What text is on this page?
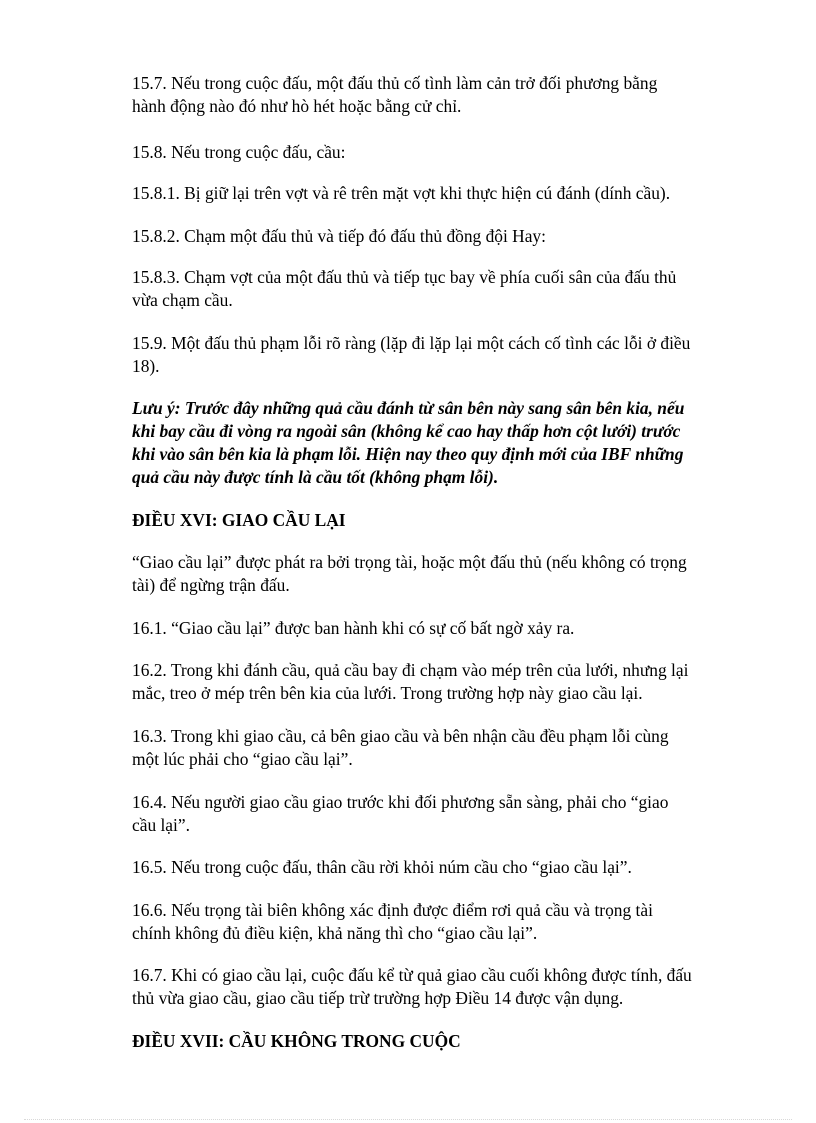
15.7. Nếu trong cuộc đấu, một đấu thủ cố tình làm cản trở đối phương bằng
hành động nào đó như hò hét hoặc bằng cử chỉ.

15.8. Nếu trong cuộc đấu, cầu:

15.8.1. Bị giữ lại trên vợt và rê trên mặt vợt khi thực hiện cú đánh (dính cầu).

15.8.2. Chạm một đấu thủ và tiếp đó đấu thủ đồng đội Hay:

15.8.3. Chạm vợt của một đấu thủ và tiếp tục bay về phía cuối sân của đấu thủ
vừa chạm cầu.

15.9. Một đấu thủ phạm lỗi rõ ràng (lặp đi lặp lại một cách cố tình các lỗi ở điều
18).

Lưu ý: Trước đây những quả cầu đánh từ sân bên này sang sân bên kia, nếu
khi bay cầu đi vòng ra ngoài sân (không kể cao hay thấp hơn cột lưới) trước
khi vào sân bên kia là phạm lỗi. Hiện nay theo quy định mới của IBF những
quả cầu này được tính là cầu tốt (không phạm lỗi).

ĐIỀU XVI: GIAO CẦU LẠI

“Giao cầu lại” được phát ra bởi trọng tài, hoặc một đấu thủ (nếu không có trọng
tài) để ngừng trận đấu.

16.1. “Giao cầu lại” được ban hành khi có sự cố bất ngờ xảy ra.

16.2. Trong khi đánh cầu, quả cầu bay đi chạm vào mép trên của lưới, nhưng lại
mắc, treo ở mép trên bên kia của lưới. Trong trường hợp này giao cầu lại.

16.3. Trong khi giao cầu, cả bên giao cầu và bên nhận cầu đều phạm lỗi cùng
một lúc phải cho “giao cầu lại”.

16.4. Nếu người giao cầu giao trước khi đối phương sẵn sàng, phải cho “giao
cầu lại”.

16.5. Nếu trong cuộc đấu, thân cầu rời khỏi núm cầu cho “giao cầu lại”.

16.6. Nếu trọng tài biên không xác định được điểm rơi quả cầu và trọng tài
chính không đủ điều kiện, khả năng thì cho “giao cầu lại”.

16.7. Khi có giao cầu lại, cuộc đấu kể từ quả giao cầu cuối không được tính, đấu
thủ vừa giao cầu, giao cầu tiếp trừ trường hợp Điều 14 được vận dụng.

ĐIỀU XVII: CẦU KHÔNG TRONG CUỘC
